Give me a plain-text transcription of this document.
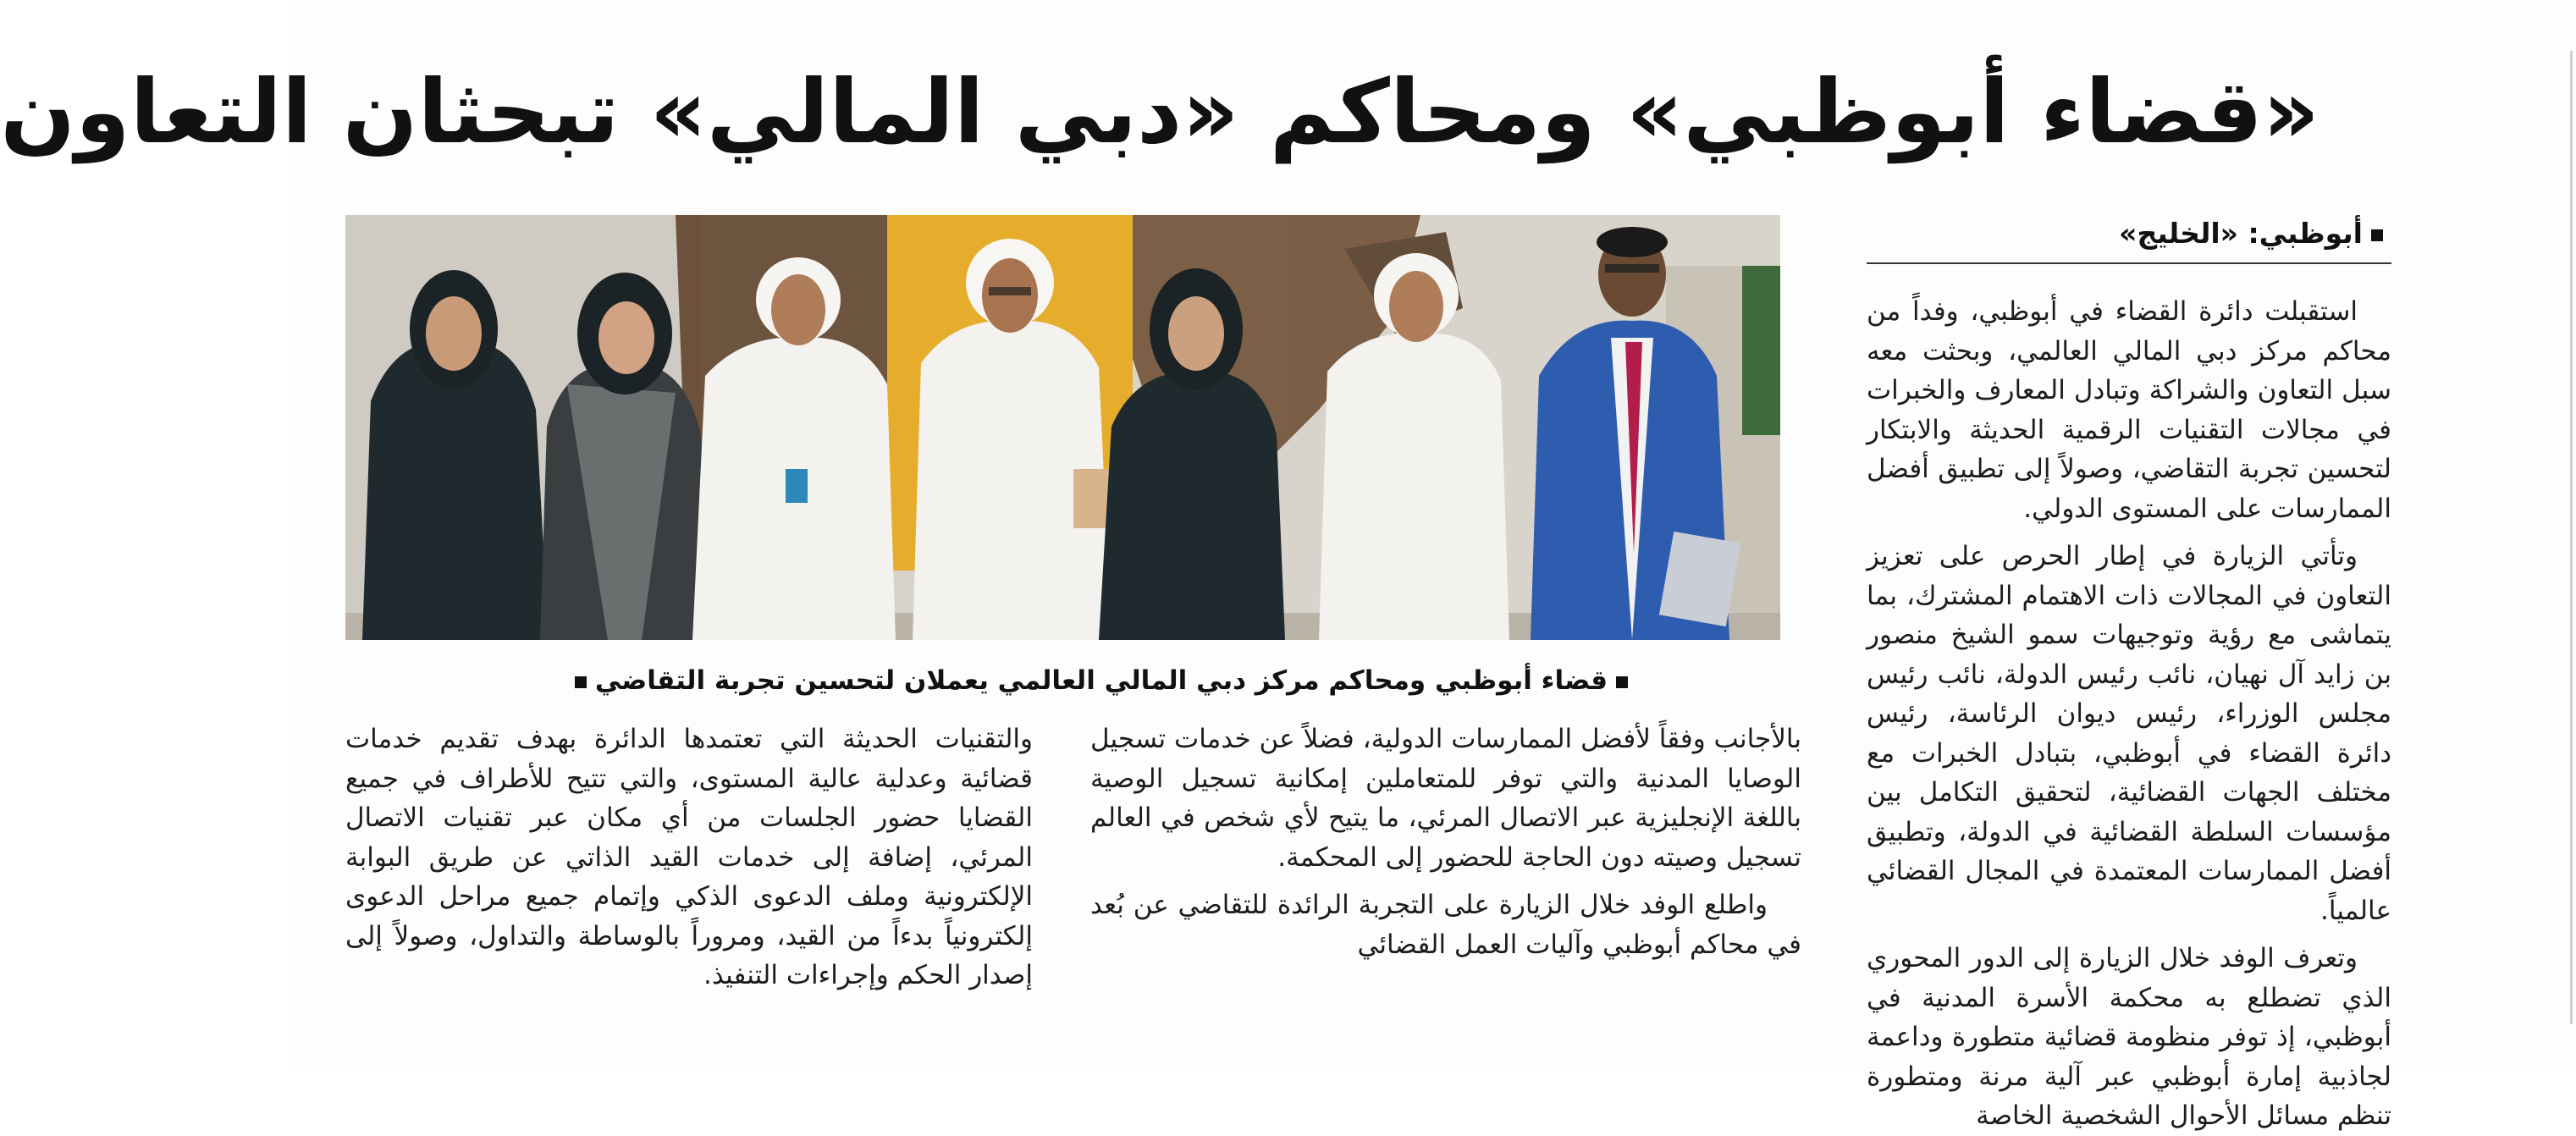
«قضاء أبوظبي» ومحاكم «دبي المالي» تبحثان التعاون
أبوظبي: «الخليج»

استقبلت دائرة القضاء في أبوظبي، وفداً من محاكم مركز دبي المالي العالمي، وبحثت معه سبل التعاون والشراكة وتبادل المعارف والخبرات في مجالات التقنيات الرقمية الحديثة والابتكار لتحسين تجربة التقاضي، وصولاً إلى تطبيق أفضل الممارسات على المستوى الدولي.

وتأتي الزيارة في إطار الحرص على تعزيز التعاون في المجالات ذات الاهتمام المشترك، بما يتماشى مع رؤية وتوجيهات سمو الشيخ منصور بن زايد آل نهيان، نائب رئيس الدولة، نائب رئيس مجلس الوزراء، رئيس ديوان الرئاسة، رئيس دائرة القضاء في أبوظبي، بتبادل الخبرات مع مختلف الجهات القضائية، لتحقيق التكامل بين مؤسسات السلطة القضائية في الدولة، وتطبيق أفضل الممارسات المعتمدة في المجال القضائي عالمياً.

وتعرف الوفد خلال الزيارة إلى الدور المحوري الذي تضطلع به محكمة الأسرة المدنية في أبوظبي، إذ توفر منظومة قضائية متطورة وداعمة لجاذبية إمارة أبوظبي عبر آلية مرنة ومتطورة تنظم مسائل الأحوال الشخصية الخاصة

قضاء أبوظبي ومحاكم مركز دبي المالي العالمي يعملان لتحسين تجربة التقاضي

بالأجانب وفقاً لأفضل الممارسات الدولية، فضلاً عن خدمات تسجيل الوصايا المدنية والتي توفر للمتعاملين إمكانية تسجيل الوصية باللغة الإنجليزية عبر الاتصال المرئي، ما يتيح لأي شخص في العالم تسجيل وصيته دون الحاجة للحضور إلى المحكمة.

واطلع الوفد خلال الزيارة على التجربة الرائدة للتقاضي عن بُعد في محاكم أبوظبي وآليات العمل القضائي

والتقنيات الحديثة التي تعتمدها الدائرة بهدف تقديم خدمات قضائية وعدلية عالية المستوى، والتي تتيح للأطراف في جميع القضايا حضور الجلسات من أي مكان عبر تقنيات الاتصال المرئي، إضافة إلى خدمات القيد الذاتي عن طريق البوابة الإلكترونية وملف الدعوى الذكي وإتمام جميع مراحل الدعوى إلكترونياً بدءاً من القيد، ومروراً بالوساطة والتداول، وصولاً إلى إصدار الحكم وإجراءات التنفيذ.
